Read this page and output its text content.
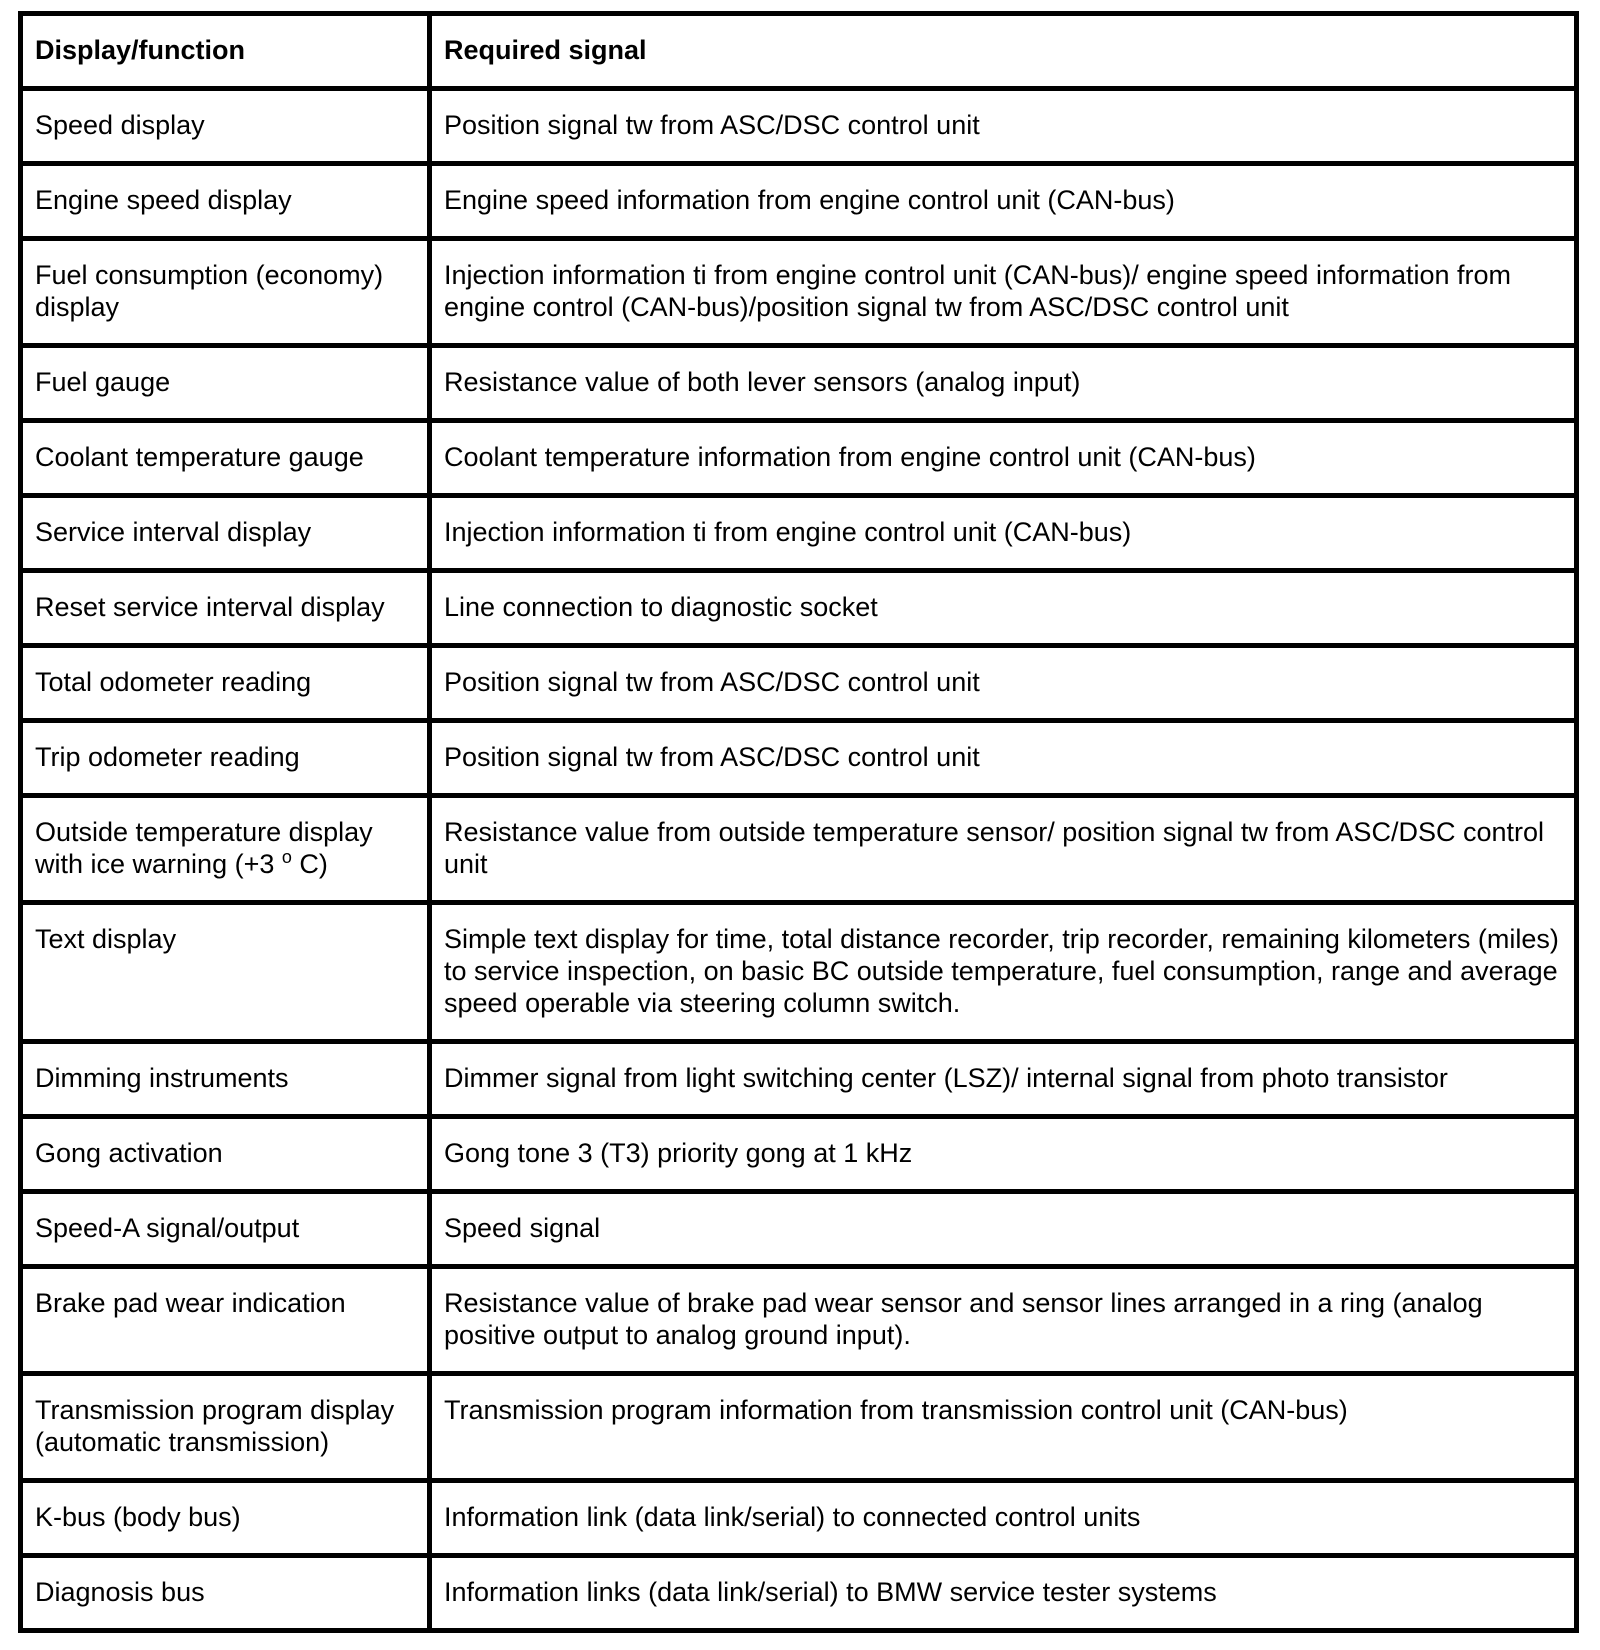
Display/function	Required signal
Speed display	Position signal tw from ASC/DSC control unit
Engine speed display	Engine speed information from engine control unit (CAN-bus)
Fuel consumption (economy) display	Injection information ti from engine control unit (CAN-bus)/ engine speed information from engine control (CAN-bus)/position signal tw from ASC/DSC control unit
Fuel gauge	Resistance value of both lever sensors (analog input)
Coolant temperature gauge	Coolant temperature information from engine control unit (CAN-bus)
Service interval display	Injection information ti from engine control unit (CAN-bus)
Reset service interval display	Line connection to diagnostic socket
Total odometer reading	Position signal tw from ASC/DSC control unit
Trip odometer reading	Position signal tw from ASC/DSC control unit
Outside temperature display with ice warning (+3 $^o$ C)	Resistance value from outside temperature sensor/ position signal tw from ASC/DSC control unit
Text display	Simple text display for time, total distance recorder, trip recorder, remaining kilometers (miles) to service inspection, on basic BC outside temperature, fuel consumption, range and average speed operable via steering column switch.
Dimming instruments	Dimmer signal from light switching center (LSZ)/ internal signal from photo transistor
Gong activation	Gong tone 3 (T3) priority gong at 1 kHz
Speed-A signal/output	Speed signal
Brake pad wear indication	Resistance value of brake pad wear sensor and sensor lines arranged in a ring (analog positive output to analog ground input).
Transmission program display (automatic transmission)	Transmission program information from transmission control unit (CAN-bus)
K-bus (body bus)	Information link (data link/serial) to connected control units
Diagnosis bus	Information links (data link/serial) to BMW service tester systems
